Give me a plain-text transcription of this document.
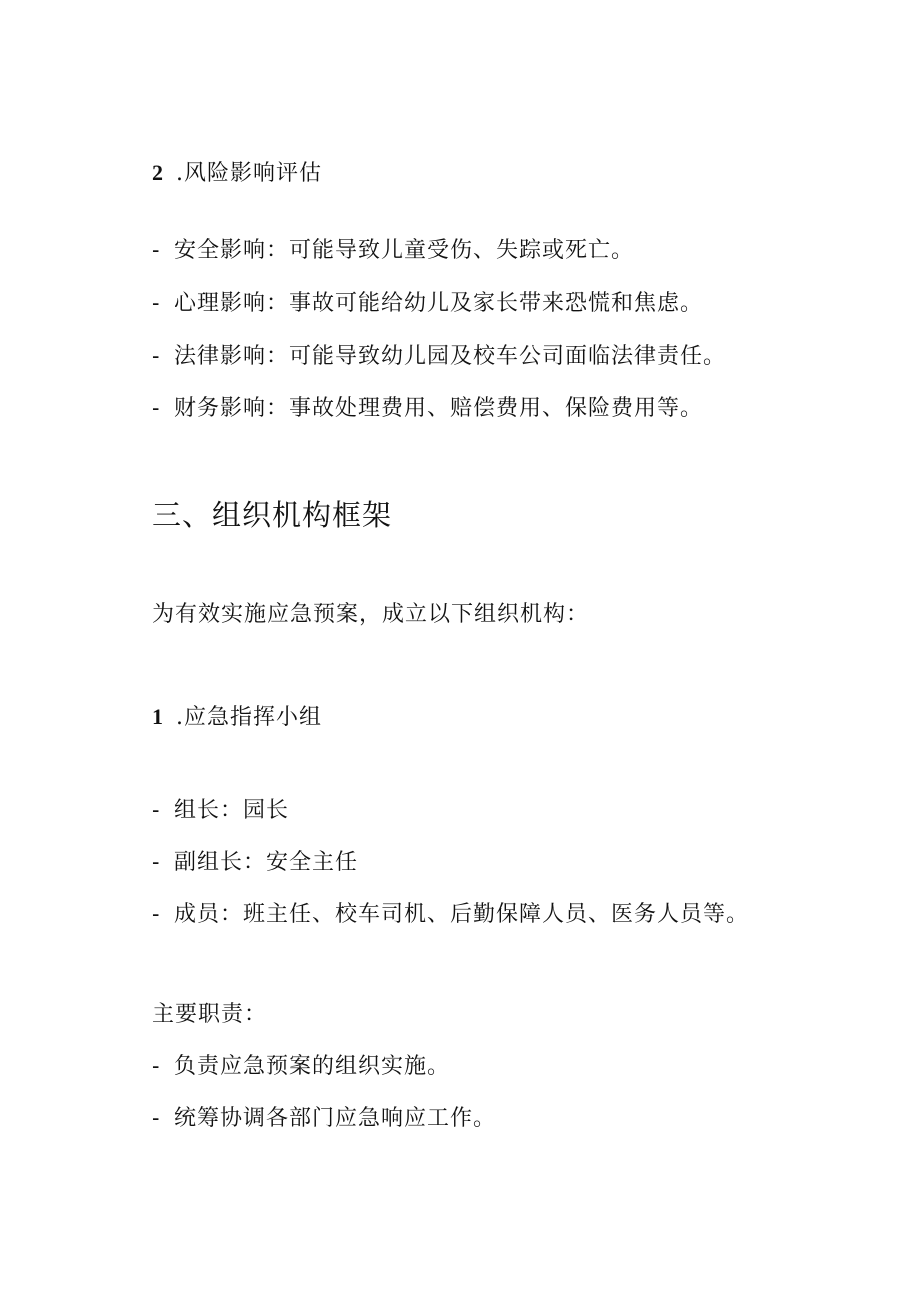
2 .风险影响评估
- 安全影响：可能导致儿童受伤、失踪或死亡。
- 心理影响：事故可能给幼儿及家长带来恐慌和焦虑。
- 法律影响：可能导致幼儿园及校车公司面临法律责任。
- 财务影响：事故处理费用、赔偿费用、保险费用等。
三、组织机构框架
为有效实施应急预案，成立以下组织机构：
1 .应急指挥小组
- 组长：园长
- 副组长：安全主任
- 成员：班主任、校车司机、后勤保障人员、医务人员等。
主要职责：
- 负责应急预案的组织实施。
- 统筹协调各部门应急响应工作。
